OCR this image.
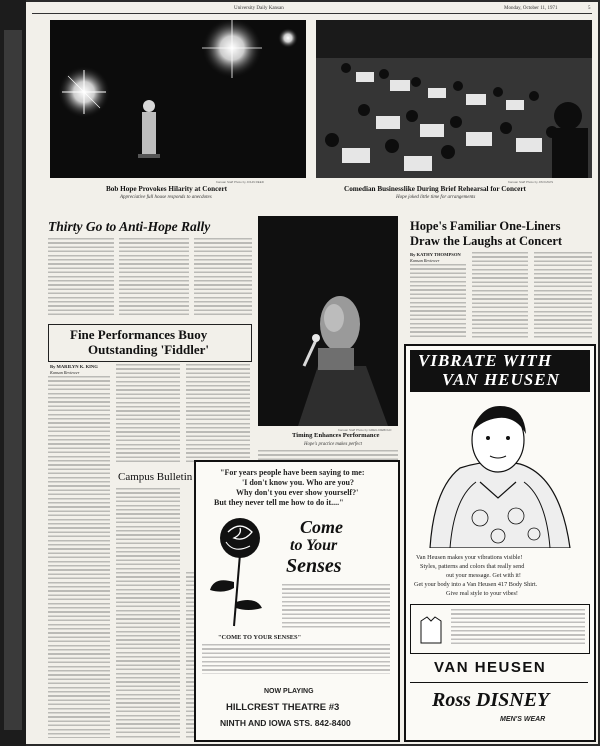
University Daily Kansan	Monday, October 11, 1971	5
Kansan Staff Photo by JOHN REED
Bob Hope Provokes Hilarity at Concert
Appreciative full house responds to anecdotes
Kansan Staff Photo by JIM DAVIS
Comedian Businesslike During Brief Rehearsal for Concert
Hope joked little time for arrangements
Thirty Go to Anti-Hope Rally
Kansan Staff Photo by GREG DIEBOLD
Timing Enhances Performance
Hope's practice makes perfect
Hope's Familiar One-Liners
Draw the Laughs at Concert
By KATHY THOMPSON
Kansan Reviewer
Fine Performances Buoy
Outstanding 'Fiddler'
By MARILYN K. KING
Kansan Reviewer
Campus Bulletin	"For years people have been saying to me:
'I don't know you. Who are you?
Why don't you ever show yourself?'
But they never tell me how to do it...."
Come
to Your
Senses
"COME TO YOUR SENSES"
NOW PLAYING
HILLCREST THEATRE #3
NINTH AND IOWA STS. 842-8400
VIBRATE WITH
VAN HEUSEN
Van Heusen makes your vibrations visible!
Styles, patterns and colors that really send
out your message. Get with it!
Get your body into a Van Heusen 417 Body Shirt.
Give real style to your vibes!
VAN HEUSEN
Ross DISNEY
MEN'S WEAR
